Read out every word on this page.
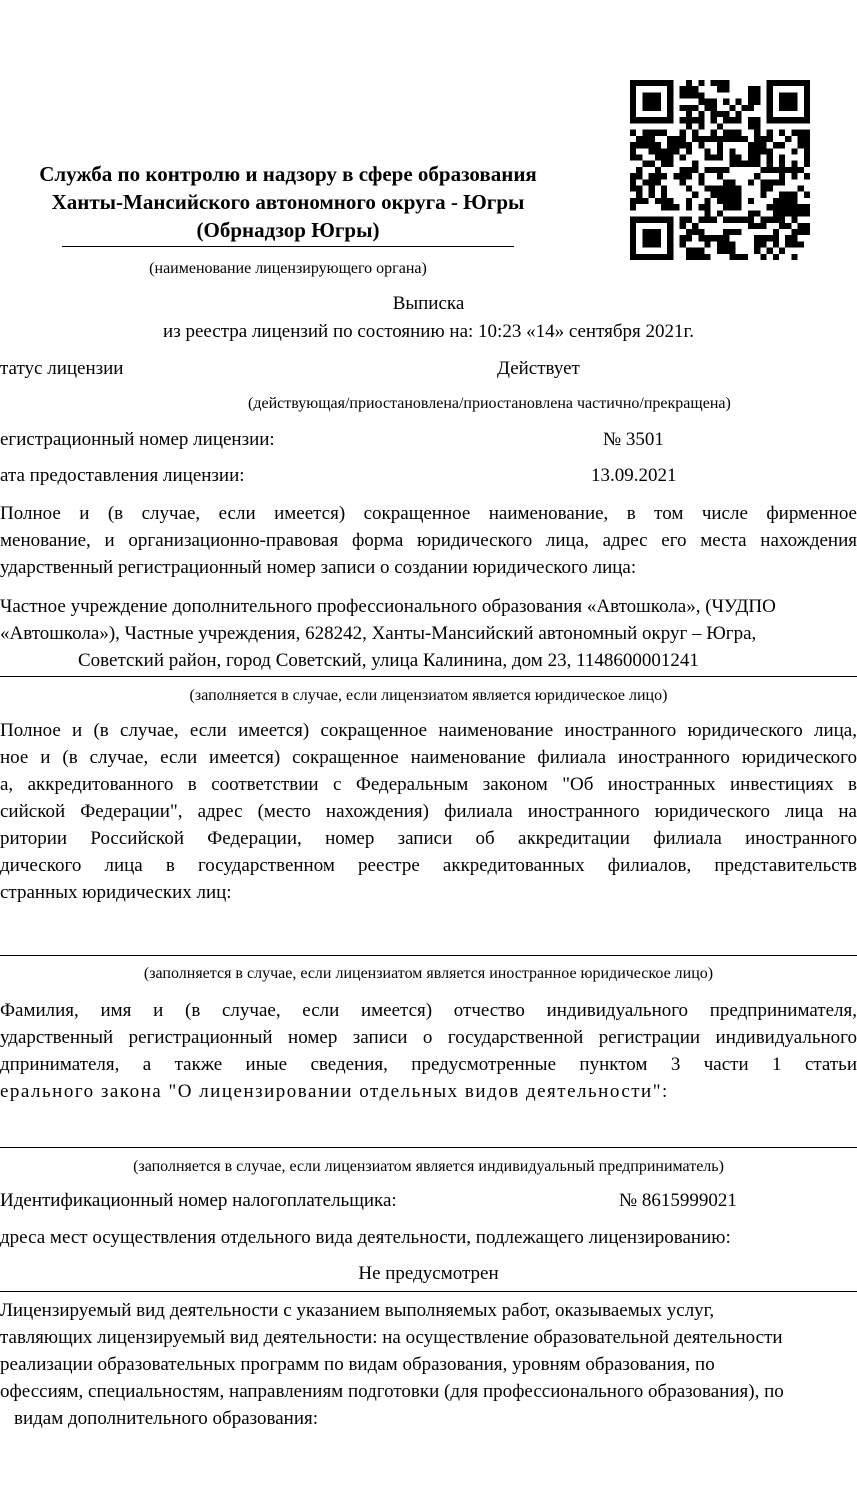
Служба по контролю и надзору в сфере образования
Ханты-Мансийского автономного округа - Югры
(Обрнадзор Югры)
(наименование лицензирующего органа)
Выписка
из реестра лицензий по состоянию на: 10:23 «14» сентября 2021г.
татус лицензии	Действует
(действующая/приостановлена/приостановлена частично/прекращена)
егистрационный номер лицензии:	№ 3501
ата предоставления лицензии:	13.09.2021
Полное и (в случае, если имеется) сокращенное наименование, в том числе фирменное
менование, и организационно-правовая форма юридического лица, адрес его места нахождения
ударственный регистрационный номер записи о создании юридического лица:
Частное учреждение дополнительного профессионального образования «Автошкола», (ЧУДПО
«Автошкола»), Частные учреждения, 628242, Ханты-Мансийский автономный округ – Югра,
Советский район, город Советский, улица Калинина, дом 23, 1148600001241
(заполняется в случае, если лицензиатом является юридическое лицо)
Полное и (в случае, если имеется) сокращенное наименование иностранного юридического лица,
ное и (в случае, если имеется) сокращенное наименование филиала иностранного юридического
а, аккредитованного в соответствии с Федеральным законом "Об иностранных инвестициях в
сийской Федерации", адрес (место нахождения) филиала иностранного юридического лица на
ритории Российской Федерации, номер записи об аккредитации филиала иностранного
дического лица в государственном реестре аккредитованных филиалов, представительств
странных юридических лиц:
(заполняется в случае, если лицензиатом является иностранное юридическое лицо)
Фамилия, имя и (в случае, если имеется) отчество индивидуального предпринимателя,
ударственный регистрационный номер записи о государственной регистрации индивидуального
дпринимателя, а также иные сведения, предусмотренные пунктом 3 части 1 статьи
ерального закона "О лицензировании отдельных видов деятельности":
(заполняется в случае, если лицензиатом является индивидуальный предприниматель)
Идентификационный номер налогоплательщика:	№ 8615999021
дреса мест осуществления отдельного вида деятельности, подлежащего лицензированию:
Не предусмотрен
Лицензируемый вид деятельности с указанием выполняемых работ, оказываемых услуг,
тавляющих лицензируемый вид деятельности: на осуществление образовательной деятельности
реализации образовательных программ по видам образования, уровням образования, по
офессиям, специальностям, направлениям подготовки (для профессионального образования), по
видам дополнительного образования:
